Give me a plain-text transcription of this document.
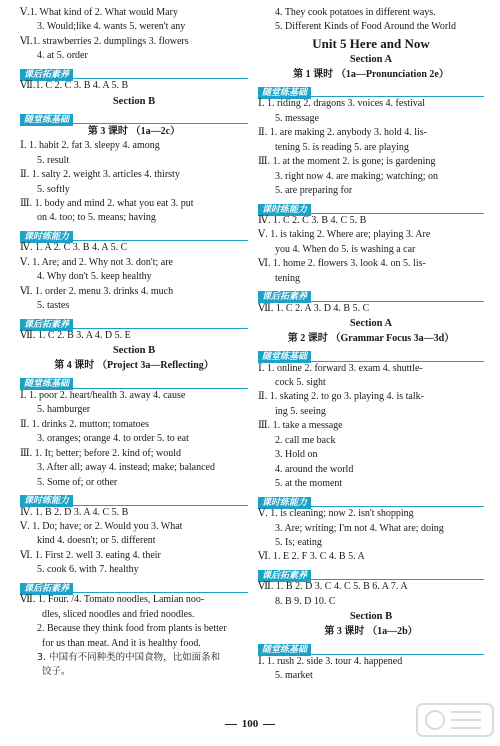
Ⅴ.1. What kind of 2. What would Mary
3. Would;like 4. wants 5. weren't any
Ⅵ.1. strawberries 2. dumplings 3. flowers
4. at 5. order
课后拓素养
Ⅶ.1. C 2. C 3. B 4. A 5. B
Section B
随堂练基础
第 3 课时 （1a—2c）
Ⅰ. 1. habit 2. fat 3. sleepy 4. among
5. result
Ⅱ. 1. salty 2. weight 3. articles 4. thirsty
5. softly
Ⅲ. 1. body and mind 2. what you eat 3. put
on 4. too; to 5. means; having
课时练能力
Ⅳ. 1. A 2. C 3. B 4. A 5. C
Ⅴ. 1. Are; and 2. Why not 3. don't; are
4. Why don't 5. keep healthy
Ⅵ. 1. order 2. menu 3. drinks 4. much
5. tastes
课后拓素养
Ⅶ. 1. C 2. B 3. A 4. D 5. E
Section B
第 4 课时 （Project 3a—Reflecting）
随堂练基础
Ⅰ. 1. poor 2. heart/health 3. away 4. cause
5. hamburger
Ⅱ. 1. drinks 2. mutton; tomatoes
3. oranges; orange 4. to order 5. to eat
Ⅲ. 1. It; better; before 2. kind of; would
3. After all; away 4. instead; make; balanced
5. Some of; or other
课时练能力
Ⅳ. 1. B 2. D 3. A 4. C 5. B
Ⅴ. 1. Do; have; or 2. Would you 3. What
kind 4. doesn't; or 5. different
Ⅵ. 1. First 2. well 3. eating 4. their
5. cook 6. with 7. healthy
课后拓素养
Ⅶ. 1. Four. /4. Tomato noodles, Lamian noo-
dles, sliced noodles and fried noodles.
2. Because they think food from plants is better
for us than meat. And it is healthy food.
3. 中国有不同种类的中国食物，比如面条和
饺子。
4. They cook potatoes in different ways.
5. Different Kinds of Food Around the World
Unit 5 Here and Now
Section A
第 1 课时 （1a—Pronunciation 2e）
随堂练基础
Ⅰ. 1. riding 2. dragons 3. voices 4. festival
5. message
Ⅱ. 1. are making 2. anybody 3. hold 4. lis-
tening 5. is reading 5. are playing
Ⅲ. 1. at the moment 2. is gone; is gardening
3. right now 4. are making; watching; on
5. are preparing for
课时练能力
Ⅳ. 1. C 2. C 3. B 4. C 5. B
Ⅴ. 1. is taking 2. Where are; playing 3. Are
you 4. When do 5. is washing a car
Ⅵ. 1. home 2. flowers 3. look 4. on 5. lis-
tening
课后拓素养
Ⅶ. 1. C 2. A 3. D 4. B 5. C
Section A
第 2 课时 （Grammar Focus 3a—3d）
随堂练基础
Ⅰ. 1. online 2. forward 3. exam 4. shuttle-
cock 5. sight
Ⅱ. 1. skating 2. to go 3. playing 4. is talk-
ing 5. seeing
Ⅲ. 1. take a message
2. call me back
3. Hold on
4. around the world
5. at the moment
课时练能力
Ⅴ. 1. is cleaning; now 2. isn't shopping
3. Are; writing; I'm not 4. What are; doing
5. Is; eating
Ⅵ. 1. E 2. F 3. C 4. B 5. A
课后拓素养
Ⅶ. 1. B 2. D 3. C 4. C 5. B 6. A 7. A
8. B 9. D 10. C
Section B
第 3 课时 （1a—2b）
随堂练基础
Ⅰ. 1. rush 2. side 3. tour 4. happened
5. market
100
